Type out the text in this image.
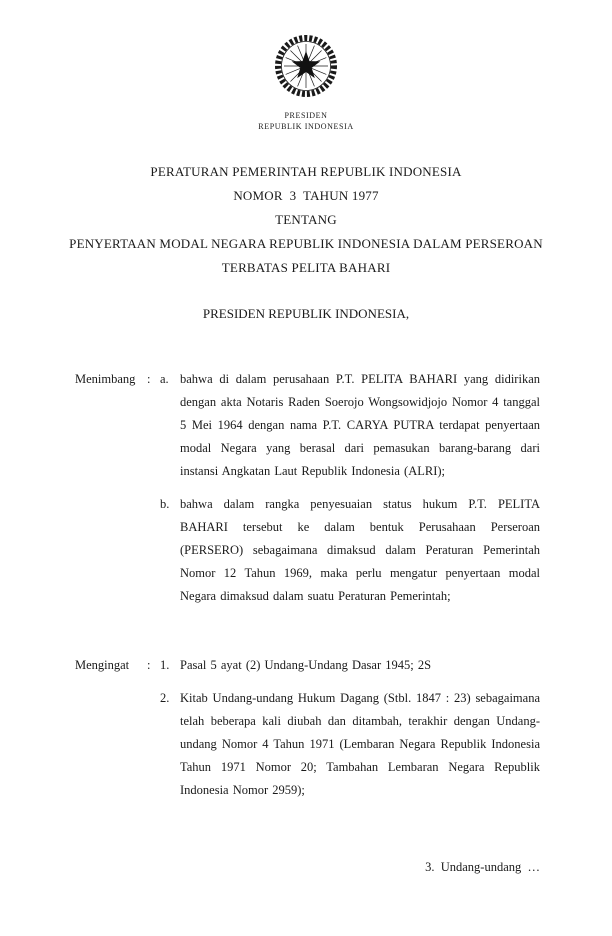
PRESIDEN
REPUBLIK INDONESIA
PERATURAN PEMERINTAH REPUBLIK INDONESIA
NOMOR  3  TAHUN 1977
TENTANG
PENYERTAAN MODAL NEGARA REPUBLIK INDONESIA DALAM PERSEROAN TERBATAS PELITA BAHARI
PRESIDEN REPUBLIK INDONESIA,
Menimbang : a. bahwa di dalam perusahaan P.T. PELITA BAHARI yang didirikan dengan akta Notaris Raden Soerojo Wongsowidjojo Nomor 4 tanggal 5 Mei 1964 dengan nama P.T. CARYA PUTRA terdapat penyertaan modal Negara yang berasal dari pemasukan barang-barang dari instansi Angkatan Laut Republik Indonesia (ALRI);
b. bahwa dalam rangka penyesuaian status hukum P.T. PELITA BAHARI tersebut ke dalam bentuk Perusahaan Perseroan (PERSERO) sebagaimana dimaksud dalam Peraturan Pemerintah Nomor 12 Tahun 1969, maka perlu mengatur penyertaan modal Negara dimaksud dalam suatu Peraturan Pemerintah;
Mengingat	: 1. Pasal 5 ayat (2) Undang-Undang Dasar 1945; 2S
2. Kitab Undang-undang Hukum Dagang (Stbl. 1847 : 23) sebagaimana telah beberapa kali diubah dan ditambah, terakhir dengan Undang-undang Nomor 4 Tahun 1971 (Lembaran Negara Republik Indonesia Tahun 1971 Nomor 20; Tambahan Lembaran Negara Republik Indonesia Nomor 2959);
3.  Undang-undang  …
